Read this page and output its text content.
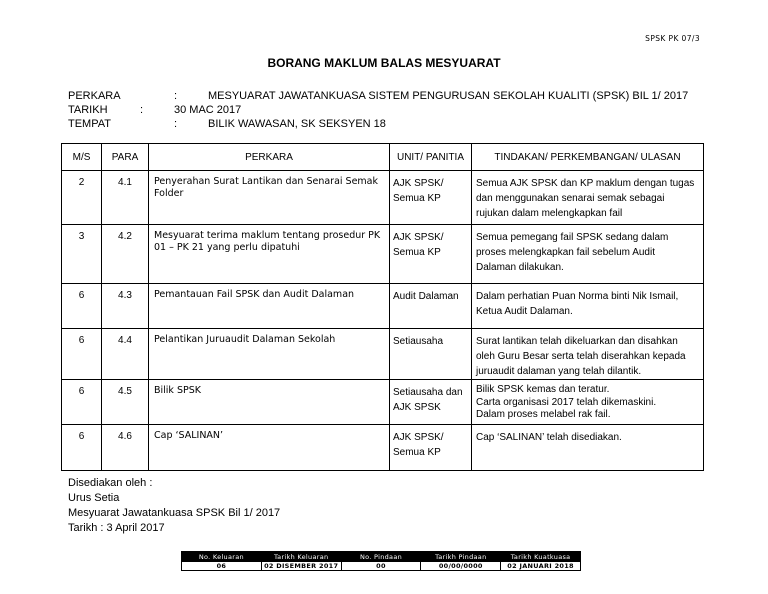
SPSK PK 07/3
BORANG MAKLUM BALAS MESYUARAT
PERKARA	:	MESYUARAT JAWATANKUASA SISTEM PENGURUSAN SEKOLAH KUALITI (SPSK) BIL 1/ 2017
TARIKH	:	30 MAC 2017
TEMPAT	:	BILIK WAWASAN, SK SEKSYEN 18
M/S	PARA	PERKARA	UNIT/ PANITIA	TINDAKAN/ PERKEMBANGAN/ ULASAN
2	4.1	Penyerahan Surat Lantikan dan Senarai Semak Folder	AJK SPSK/ Semua KP	Semua AJK SPSK dan KP maklum dengan tugas
dan menggunakan senarai semak sebagai
rujukan dalam melengkapkan fail

3	4.2	Mesyuarat terima maklum tentang prosedur PK 01 – PK 21 yang perlu dipatuhi	AJK SPSK/ Semua KP	Semua pemegang fail SPSK sedang dalam
proses melengkapkan fail sebelum Audit
Dalaman dilakukan.

6	4.3	Pemantauan Fail SPSK dan Audit Dalaman	Audit Dalaman	Dalam perhatian Puan Norma binti Nik Ismail,
Ketua Audit Dalaman.

6	4.4	Pelantikan Juruaudit Dalaman Sekolah	Setiausaha	Surat lantikan telah dikeluarkan dan disahkan
oleh Guru Besar serta telah diserahkan kepada
juruaudit dalaman yang telah dilantik.

6	4.5	Bilik SPSK	Setiausaha dan AJK SPSK	Bilik SPSK kemas dan teratur.
Carta organisasi 2017 telah dikemaskini.
Dalam proses melabel rak fail.

6	4.6	Cap ‘SALINAN’	AJK SPSK/ Semua KP	Cap ‘SALINAN’ telah disediakan.
Disediakan oleh :
Urus Setia
Mesyuarat Jawatankuasa SPSK Bil 1/ 2017
Tarikh : 3 April 2017
No. Keluaran	Tarikh Keluaran	No. Pindaan	Tarikh Pindaan	Tarikh Kuatkuasa
06	02 DISEMBER 2017	00	00/00/0000	02 JANUARI 2018
